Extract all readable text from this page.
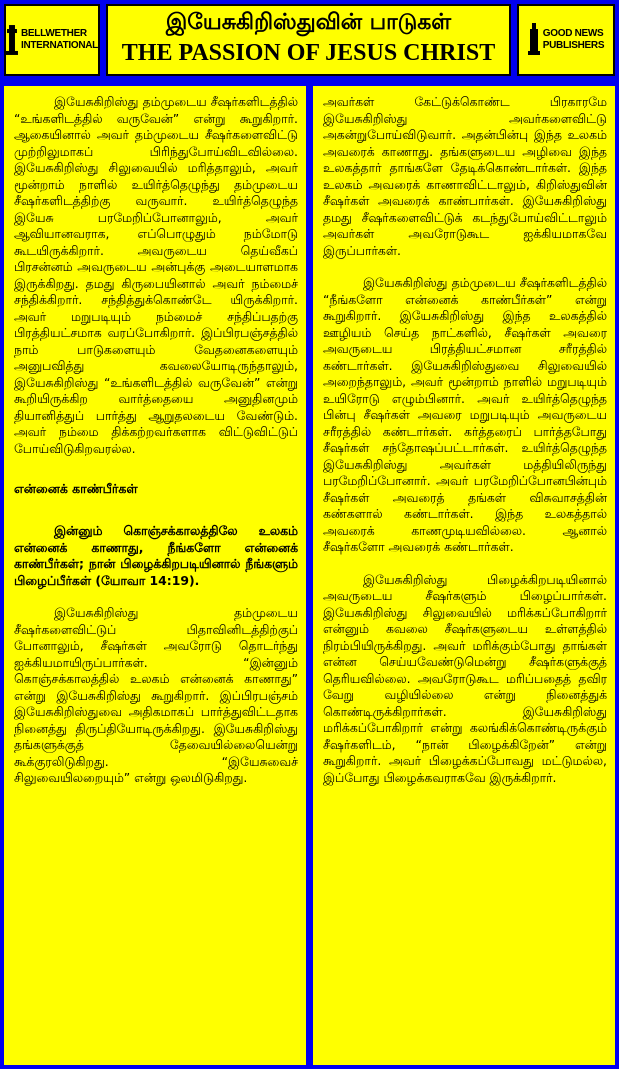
BELLWETHER
INTERNATIONAL
இயேசுகிறிஸ்துவின் பாடுகள்
THE PASSION OF JESUS CHRIST
GOOD NEWS
PUBLISHERS

இயேசுகிறிஸ்து தம்முடைய சீஷர்களிடத்தில் “உங்களிடத்தில் வருவேன்” என்று கூறுகிறார். ஆகையினால் அவர் தம்முடைய சீஷர்களைவிட்டு முற்றிலுமாகப் பிரிந்துபோய்விடவில்லை. இயேசுகிறிஸ்து சிலுவையில் மரித்தாலும், அவர் மூன்றாம் நாளில் உயிர்த்தெழுந்து தம்முடைய சீஷர்களிடத்திற்கு வருவார். உயிர்த்தெழுந்த இயேசு பரமேறிப்போனாலும், அவர் ஆவியானவராக, எப்பொழுதும் நம்மோடு கூடயிருக்கிறார். அவருடைய தெய்வீகப் பிரசன்னம் அவருடைய அன்புக்கு அடையாளமாக இருக்கிறது. தமது கிருபையினால் அவர் நம்மைச் சந்திக்கிறார். சந்தித்துக்கொண்டே யிருக்கிறார். அவர் மறுபடியும் நம்மைச் சந்திப்பதற்கு பிரத்தியட்சமாக வரப்போகிறார். இப்பிரபஞ்சத்தில் நாம் பாடுகளையும் வேதனைகளையும் அனுபவித்து கவலையோடிருந்தாலும், இயேசுகிறிஸ்து “உங்களிடத்தில் வருவேன்” என்று கூறியிருக்கிற வார்த்தையை அனுதினமும் தியானித்துப் பார்த்து ஆறுதலடைய வேண்டும். அவர் நம்மை திக்கற்றவர்களாக விட்டுவிட்டுப் போய்விடுகிறவரல்ல.

என்னைக் காண்பீர்கள்

இன்னும் கொஞ்சக்காலத்திலே உலகம் என்னைக் காணாது, நீங்களோ என்னைக் காண்பீர்கள்; நான் பிழைக்கிறபடியினால் நீங்களும் பிழைப்பீர்கள் (யோவா 14:19).

இயேசுகிறிஸ்து தம்முடைய சீஷர்களைவிட்டுப் பிதாவினிடத்திற்குப் போனாலும், சீஷர்கள் அவரோடு தொடர்ந்து ஐக்கியமாயிருப்பார்கள். “இன்னும் கொஞ்சக்காலத்தில் உலகம் என்னைக் காணாது” என்று இயேசுகிறிஸ்து கூறுகிறார். இப்பிரபஞ்சம் இயேசுகிறிஸ்துவை அதிகமாகப் பார்த்துவிட்டதாக நினைத்து திருப்தியோடிருக்கிறது. இயேசுகிறிஸ்து தங்களுக்குத் தேவையில்லையென்று கூக்குரலிடுகிறது. “இயேசுவைச் சிலுவையிலறையும்” என்று ஒலமிடுகிறது.

அவர்கள் கேட்டுக்கொண்ட பிரகாரமே இயேசுகிறிஸ்து அவர்களைவிட்டு அகன்றுபோய்விடுவார். அதன்பின்பு இந்த உலகம் அவரைக் காணாது. தங்களுடைய அழிவை இந்த உலகத்தார் தாங்களே தேடிக்கொண்டார்கள். இந்த உலகம் அவரைக் காணாவிட்டாலும், கிறிஸ்துவின் சீஷர்கள் அவரைக் காண்பார்கள். இயேசுகிறிஸ்து தமது சீஷர்களைவிட்டுக் கடந்துபோய்விட்டாலும் அவர்கள் அவரோடுகூட ஐக்கியமாகவே இருப்பார்கள்.

இயேசுகிறிஸ்து தம்முடைய சீஷர்களிடத்தில் “நீங்களோ என்னைக் காண்பீர்கள்” என்று கூறுகிறார். இயேசுகிறிஸ்து இந்த உலகத்தில் ஊழியம் செய்த நாட்களில், சீஷர்கள் அவரை அவருடைய பிரத்தியட்சமான சரீரத்தில் கண்டார்கள். இயேசுகிறிஸ்துவை சிலுவையில் அறைந்தாலும், அவர் மூன்றாம் நாளில் மறுபடியும் உயிரோடு எழும்பினார். அவர் உயிர்த்தெழுந்த பின்பு சீஷர்கள் அவரை மறுபடியும் அவருடைய சரீரத்தில் கண்டார்கள். கர்த்தரைப் பார்த்தபோது சீஷர்கள் சந்தோஷப்பட்டார்கள். உயிர்த்தெழுந்த இயேசுகிறிஸ்து அவர்கள் மத்தியிலிருந்து பரமேறிப்போனார். அவர் பரமேறிப்போனபின்பும் சீஷர்கள் அவரைத் தங்கள் விசுவாசத்தின் கண்களால் கண்டார்கள். இந்த உலகத்தால் அவரைக் காணமுடியவில்லை. ஆனால் சீஷர்களோ அவரைக் கண்டார்கள்.

இயேசுகிறிஸ்து பிழைக்கிறபடியினால் அவருடைய சீஷர்களும் பிழைப்பார்கள். இயேசுகிறிஸ்து சிலுவையில் மரிக்கப்போகிறார் என்னும் கவலை சீஷர்களுடைய உள்ளத்தில் நிரம்பியிருக்கிறது. அவர் மரிக்கும்போது தாங்கள் என்ன செய்யவேண்டுமென்று சீஷர்களுக்குத் தெரியவில்லை. அவரோடுகூட மரிப்பதைத் தவிர வேறு வழியில்லை என்று நினைத்துக் கொண்டிருக்கிறார்கள். இயேசுகிறிஸ்து மரிக்கப்போகிறார் என்று கலங்கிக்கொண்டிருக்கும் சீஷர்களிடம், “நான் பிழைக்கிறேன்” என்று கூறுகிறார். அவர் பிழைக்கப்போவது மட்டுமல்ல, இப்போது பிழைக்கவராகவே இருக்கிறார்.
